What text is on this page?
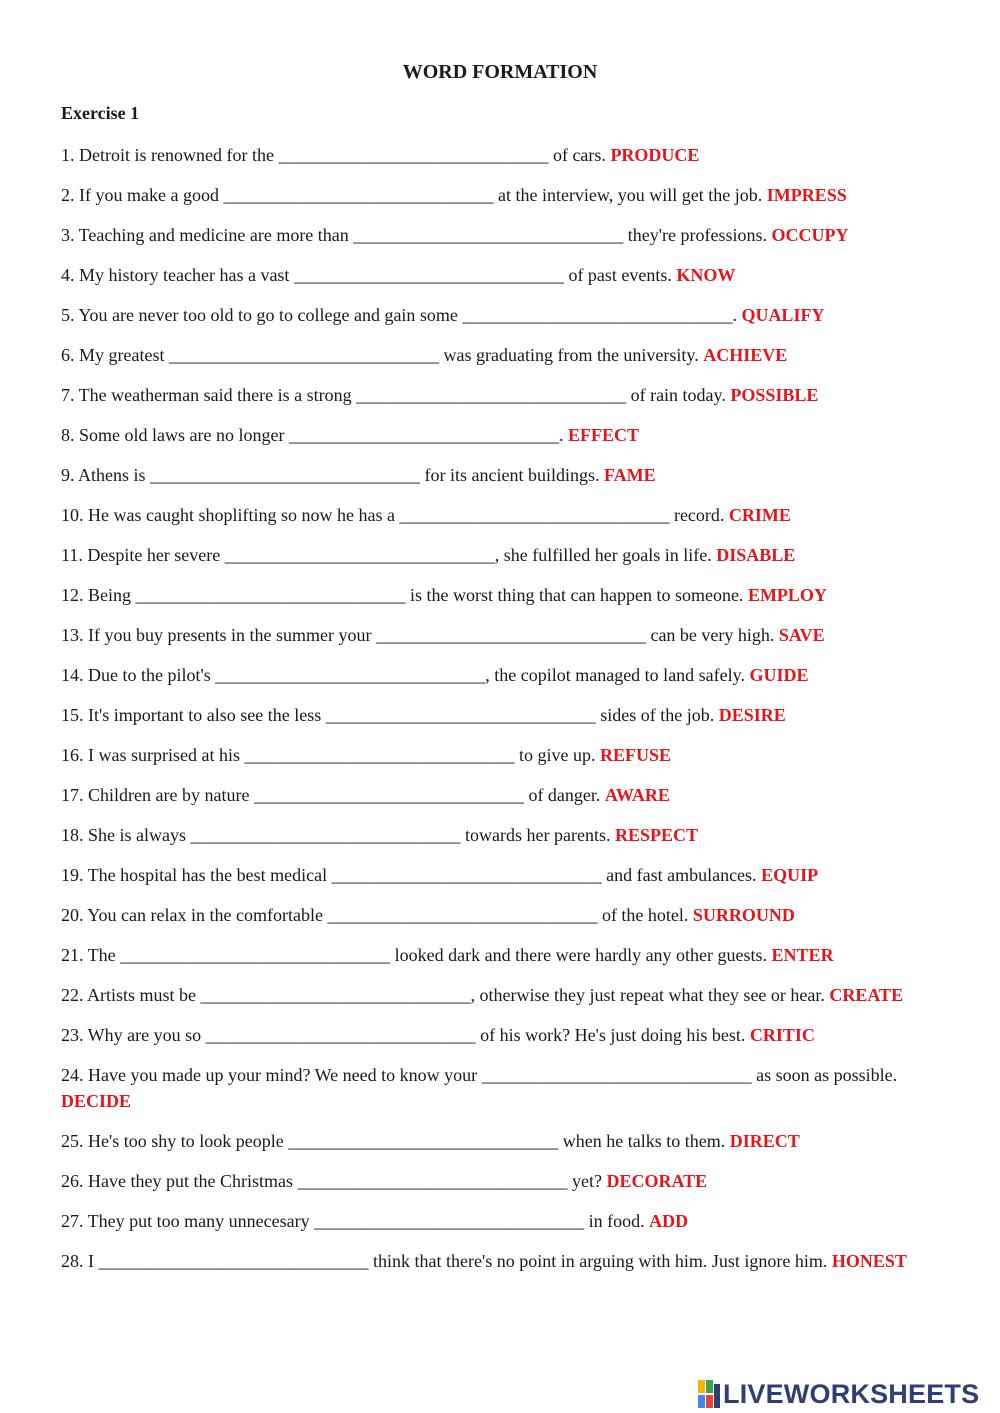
WORD FORMATION
Exercise 1
1. Detroit is renowned for the ______________________________ of cars. PRODUCE
2. If you make a good ______________________________ at the interview, you will get the job. IMPRESS
3. Teaching and medicine are more than ______________________________ they're professions. OCCUPY
4. My history teacher has a vast ______________________________ of past events. KNOW
5. You are never too old to go to college and gain some ______________________________. QUALIFY
6. My greatest ______________________________ was graduating from the university. ACHIEVE
7. The weatherman said there is a strong ______________________________ of rain today. POSSIBLE
8. Some old laws are no longer ______________________________. EFFECT
9. Athens is ______________________________ for its ancient buildings. FAME
10. He was caught shoplifting so now he has a ______________________________ record. CRIME
11. Despite her severe ______________________________, she fulfilled her goals in life. DISABLE
12. Being ______________________________ is the worst thing that can happen to someone. EMPLOY
13. If you buy presents in the summer your ______________________________ can be very high. SAVE
14. Due to the pilot's ______________________________, the copilot managed to land safely. GUIDE
15. It's important to also see the less ______________________________ sides of the job. DESIRE
16. I was surprised at his ______________________________ to give up. REFUSE
17. Children are by nature ______________________________ of danger. AWARE
18. She is always ______________________________ towards her parents. RESPECT
19. The hospital has the best medical ______________________________ and fast ambulances. EQUIP
20. You can relax in the comfortable ______________________________ of the hotel. SURROUND
21. The ______________________________ looked dark and there were hardly any other guests. ENTER
22. Artists must be ______________________________, otherwise they just repeat what they see or hear. CREATE
23. Why are you so ______________________________ of his work? He's just doing his best. CRITIC
24. Have you made up your mind? We need to know your ______________________________ as soon as possible. DECIDE
25. He's too shy to look people ______________________________ when he talks to them. DIRECT
26. Have they put the Christmas ______________________________ yet? DECORATE
27. They put too many unnecesary ______________________________ in food. ADD
28. I ______________________________ think that there's no point in arguing with him. Just ignore him. HONEST
LIVEWORKSHEETS
